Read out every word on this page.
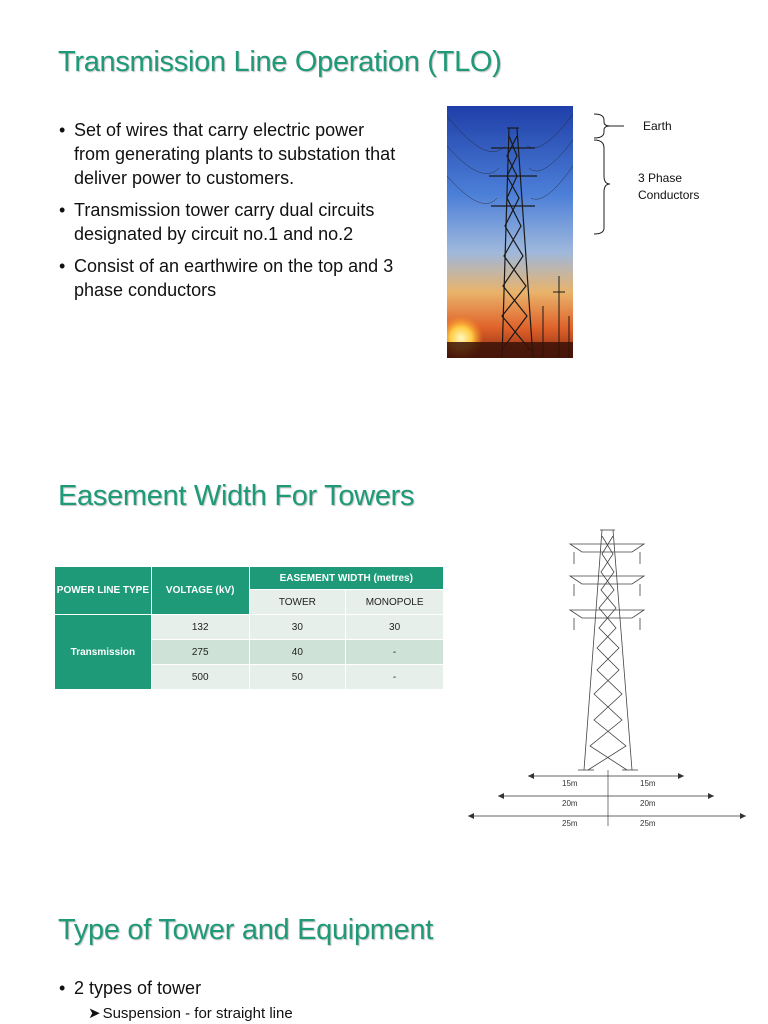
Transmission Line Operation (TLO)
• Set of wires that carry electric power from generating plants to substation that deliver power to customers.
• Transmission tower carry dual circuits designated by circuit no.1 and no.2
• Consist of an earthwire on the top and 3 phase conductors
Earth
3 Phase
Conductors
Easement Width For Towers
POWER LINE TYPE	VOLTAGE (kV)	EASEMENT WIDTH (metres)	
		TOWER	MONOPOLE
Transmission	132	30	30
	275	40	-
	500	50	-
15m	15m
20m	20m
25m	25m
Type of Tower and Equipment
• 2 types of tower
➤ Suspension - for straight line
